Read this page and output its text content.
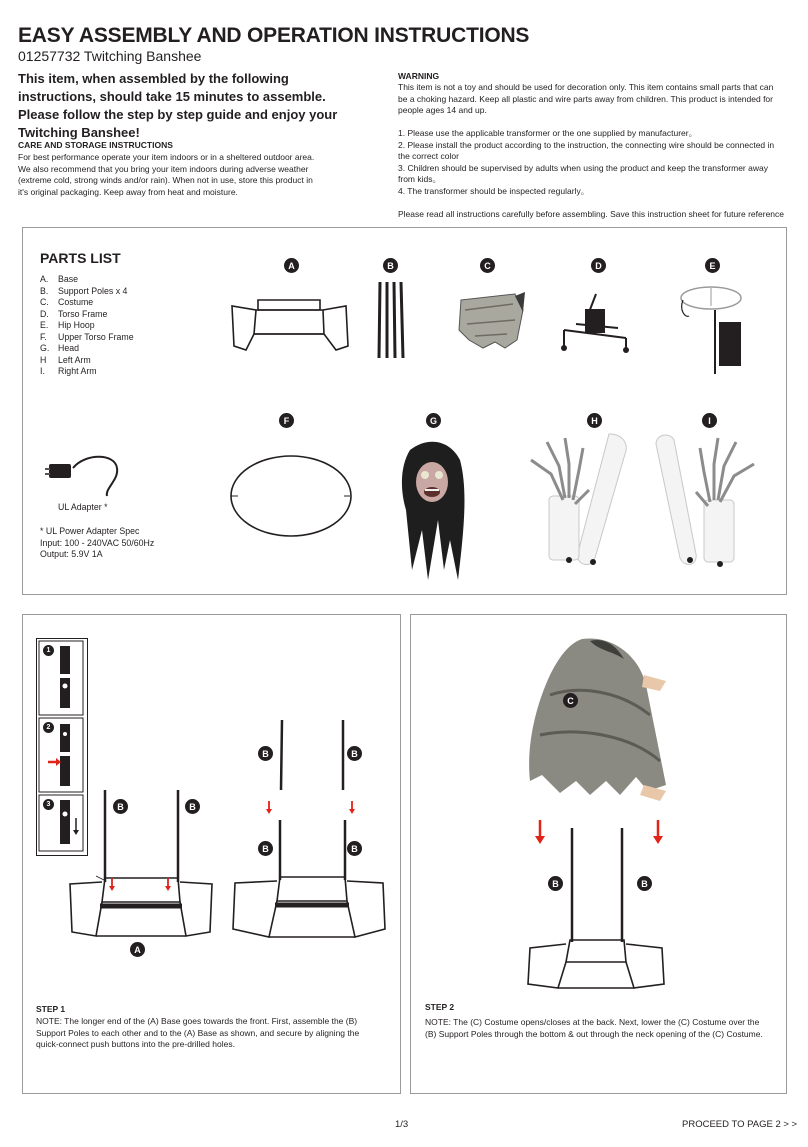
EASY ASSEMBLY AND OPERATION INSTRUCTIONS
01257732 Twitching Banshee
This item, when assembled by the following instructions, should take 15 minutes to assemble. Please follow the step by step guide and enjoy your Twitching Banshee!
CARE AND STORAGE INSTRUCTIONS
For best performance operate your item indoors or in a sheltered outdoor area. We also recommend that you bring your item indoors during adverse weather (extreme cold, strong winds and/or rain). When not in use, store this product in it's original packaging. Keep away from heat and moisture.
WARNING
This item is not a toy and should be used for decoration only. This item contains small parts that can be a choking hazard. Keep all plastic and wire parts away from children. This product is intended for people ages 14 and up.
1. Please use the applicable transformer or the one supplied by manufacturer。
2. Please install the product according to the instruction, the connecting wire should be connected in the correct color
3. Children should be supervised by adults when using the product and keep the transformer away from kids。
4. The transformer should be inspected regularly。
Please read all instructions carefully before assembling. Save this instruction sheet for future reference
PARTS LIST
A.	Base
B.	Support Poles x 4
C.	Costume
D.	Torso Frame
E.	Hip Hoop
F.	Upper Torso Frame
G. Head
H	Left Arm
I.	Right Arm
UL Adapter *
* UL Power Adapter Spec
Input: 100 - 240VAC 50/60Hz
Output: 5.9V 1A
A	B	C	D	E
F	G	H	I
1
2
3	B	B
A
B	B
B	B
STEP 1
NOTE: The longer end of the (A) Base goes towards the front. First, assemble the (B) Support Poles to each other and to the (A) Base as shown, and secure by aligning the quick-connect push buttons into the pre-drilled holes.
C
B	B
STEP 2
NOTE: The (C) Costume opens/closes at the back. Next, lower the (C) Costume over the (B) Support Poles through the bottom & out through the neck opening of the (C) Costume.
1/3	PROCEED TO PAGE 2 > >
